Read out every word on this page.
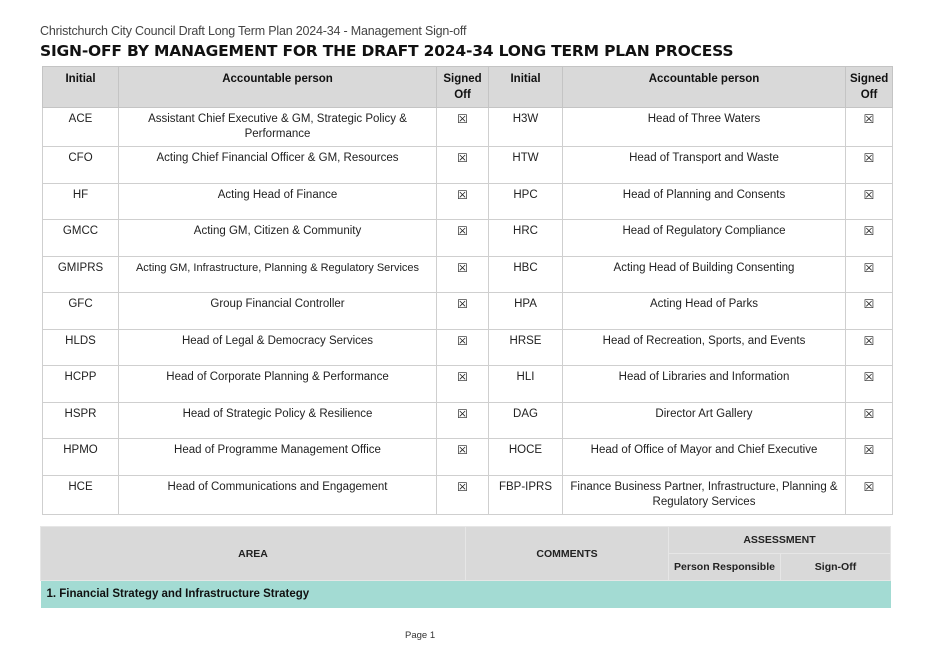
Christchurch City Council Draft Long Term Plan 2024-34 - Management Sign-off
SIGN-OFF BY MANAGEMENT FOR THE DRAFT 2024-34 LONG TERM PLAN PROCESS
Initial	Accountable person	Signed Off	Initial	Accountable person	Signed Off
ACE	Assistant Chief Executive & GM, Strategic Policy & Performance	☒	H3W	Head of Three Waters	☒
CFO	Acting Chief Financial Officer & GM, Resources	☒	HTW	Head of Transport and Waste	☒
HF	Acting Head of Finance	☒	HPC	Head of Planning and Consents	☒
GMCC	Acting GM, Citizen & Community	☒	HRC	Head of Regulatory Compliance	☒
GMIPRS	Acting GM, Infrastructure, Planning & Regulatory Services	☒	HBC	Acting Head of Building Consenting	☒
GFC	Group Financial Controller	☒	HPA	Acting Head of Parks	☒
HLDS	Head of Legal & Democracy Services	☒	HRSE	Head of Recreation, Sports, and Events	☒
HCPP	Head of Corporate Planning & Performance	☒	HLI	Head of Libraries and Information	☒
HSPR	Head of Strategic Policy & Resilience	☒	DAG	Director Art Gallery	☒
HPMO	Head of Programme Management Office	☒	HOCE	Head of Office of Mayor and Chief Executive	☒
HCE	Head of Communications and Engagement	☒	FBP-IPRS	Finance Business Partner, Infrastructure, Planning & Regulatory Services	☒
AREA	COMMENTS	ASSESSMENT	
		Person Responsible	Sign-Off
1. Financial Strategy and Infrastructure Strategy			
Page 1
